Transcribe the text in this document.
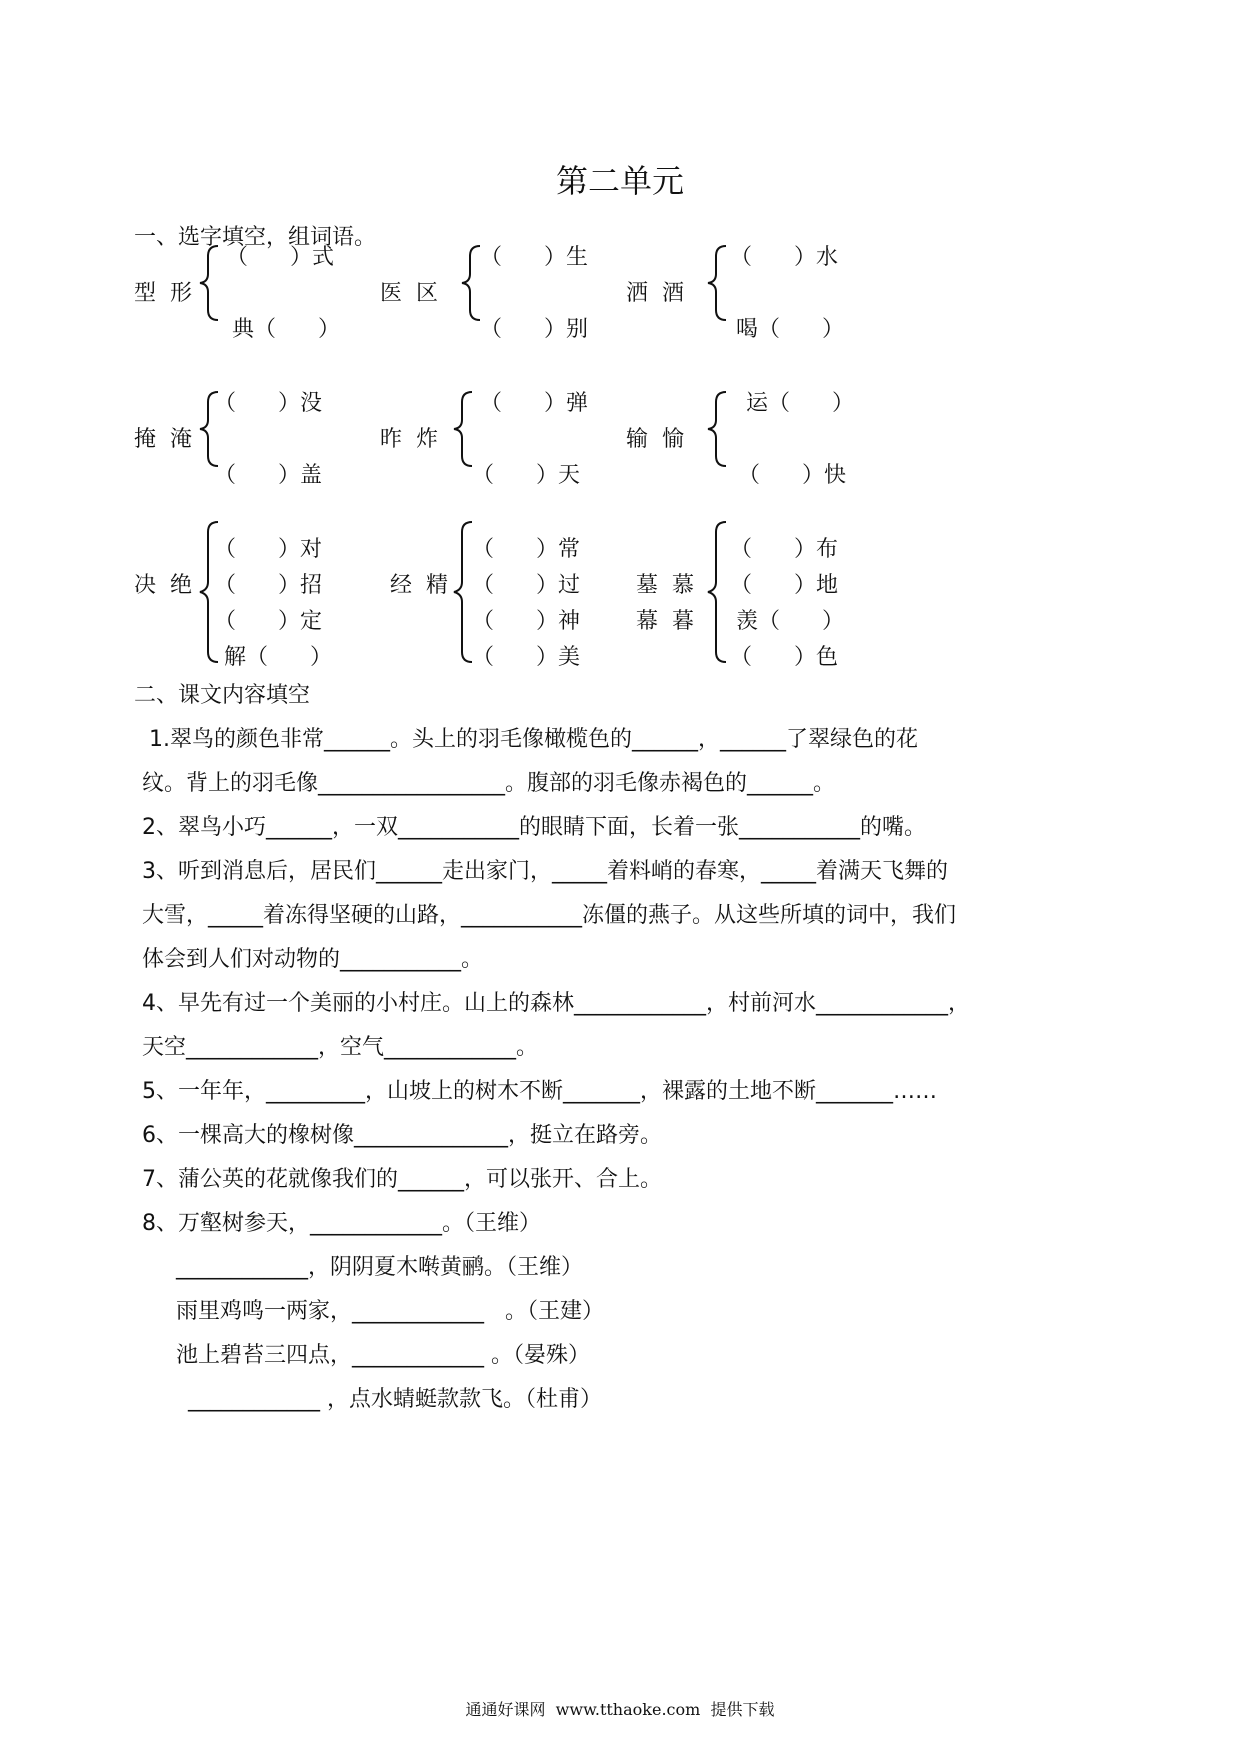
第二单元
一、选字填空，组词语。
型  形
（      ）式
典（      ）
医  区
（      ）生
（      ）别
洒  酒
（      ）水
喝（      ）
掩  淹
（      ）没
（      ）盖
昨  炸
（      ）弹
（      ）天
输  愉
运（      ）
（      ）快
决  绝
（      ）对
（      ）招
（      ）定
解（      ）
经  精
（      ）常
（      ）过
（      ）神
（      ）美
墓  慕
幕  暮
（      ）布
（      ）地
羡（      ）
（      ）色
二、课文内容填空
1.翠鸟的颜色非常______。头上的羽毛像橄榄色的______，______了翠绿色的花
纹。背上的羽毛像_________________。腹部的羽毛像赤褐色的______。
2、翠鸟小巧______，一双___________的眼睛下面，长着一张___________的嘴。
3、听到消息后，居民们______走出家门，_____着料峭的春寒，_____着满天飞舞的
大雪，_____着冻得坚硬的山路，___________冻僵的燕子。从这些所填的词中，我们
体会到人们对动物的___________。
4、早先有过一个美丽的小村庄。山上的森林____________，村前河水____________，
天空____________，空气____________。
5、一年年，_________，山坡上的树木不断_______，裸露的土地不断_______……
6、一棵高大的橡树像______________，挺立在路旁。
7、蒲公英的花就像我们的______，可以张开、合上。
8、万壑树参天，____________。（王维）
____________，阴阴夏木啭黄鹂。（王维）
雨里鸡鸣一两家，____________   。（王建）
池上碧苔三四点，____________ 。（晏殊）
____________ ，点水蜻蜓款款飞。（杜甫）
通通好课网  www.tthaoke.com  提供下载
